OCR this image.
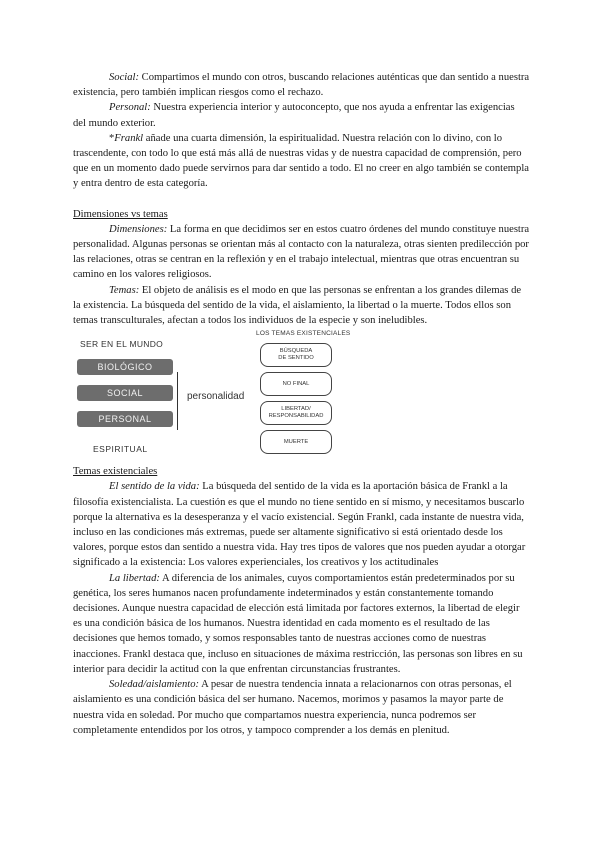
Social: Compartimos el mundo con otros, buscando relaciones auténticas que dan sentido a nuestra existencia, pero también implican riesgos como el rechazo.

Personal: Nuestra experiencia interior y autoconcepto, que nos ayuda a enfrentar las exigencias del mundo exterior.

*Frankl añade una cuarta dimensión, la espiritualidad. Nuestra relación con lo divino, con lo trascendente, con todo lo que está más allá de nuestras vidas y de nuestra capacidad de comprensión, pero que en un momento dado puede servirnos para dar sentido a todo. El no creer en algo también se contempla y entra dentro de esta categoría.

Dimensiones vs temas

Dimensiones: La forma en que decidimos ser en estos cuatro órdenes del mundo constituye nuestra personalidad. Algunas personas se orientan más al contacto con la naturaleza, otras sienten predilección por las relaciones, otras se centran en la reflexión y en el trabajo intelectual, mientras que otras encuentran su camino en los valores religiosos.

Temas: El objeto de análisis es el modo en que las personas se enfrentan a los grandes dilemas de la existencia. La búsqueda del sentido de la vida, el aislamiento, la libertad o la muerte. Todos ellos son temas transculturales, afectan a todos los individuos de la especie y son ineludibles.

SER EN EL MUNDO
BIOLÓGICO
SOCIAL
PERSONAL
ESPIRITUAL
personalidad
LOS TEMAS EXISTENCIALES
BÚSQUEDA
DE SENTIDO
NO FINAL
LIBERTAD/
RESPONSABILIDAD
MUERTE

Temas existenciales

El sentido de la vida: La búsqueda del sentido de la vida es la aportación básica de Frankl a la filosofía existencialista. La cuestión es que el mundo no tiene sentido en sí mismo, y necesitamos buscarlo porque la alternativa es la desesperanza y el vacío existencial. Según Frankl, cada instante de nuestra vida, incluso en las condiciones más extremas, puede ser altamente significativo si está orientado desde los valores, porque estos dan sentido a nuestra vida. Hay tres tipos de valores que nos pueden ayudar a otorgar significado a la existencia: Los valores experienciales, los creativos y los actitudinales

La libertad: A diferencia de los animales, cuyos comportamientos están predeterminados por su genética, los seres humanos nacen profundamente indeterminados y están constantemente tomando decisiones. Aunque nuestra capacidad de elección está limitada por factores externos, la libertad de elegir es una condición básica de los humanos. Nuestra identidad en cada momento es el resultado de las decisiones que hemos tomado, y somos responsables tanto de nuestras acciones como de nuestras inacciones. Frankl destaca que, incluso en situaciones de máxima restricción, las personas son libres en su interior para decidir la actitud con la que enfrentan circunstancias frustrantes.

Soledad/aislamiento: A pesar de nuestra tendencia innata a relacionarnos con otras personas, el aislamiento es una condición básica del ser humano. Nacemos, morimos y pasamos la mayor parte de nuestra vida en soledad. Por mucho que compartamos nuestra experiencia, nunca podremos ser completamente entendidos por los otros, y tampoco comprender a los demás en plenitud.
